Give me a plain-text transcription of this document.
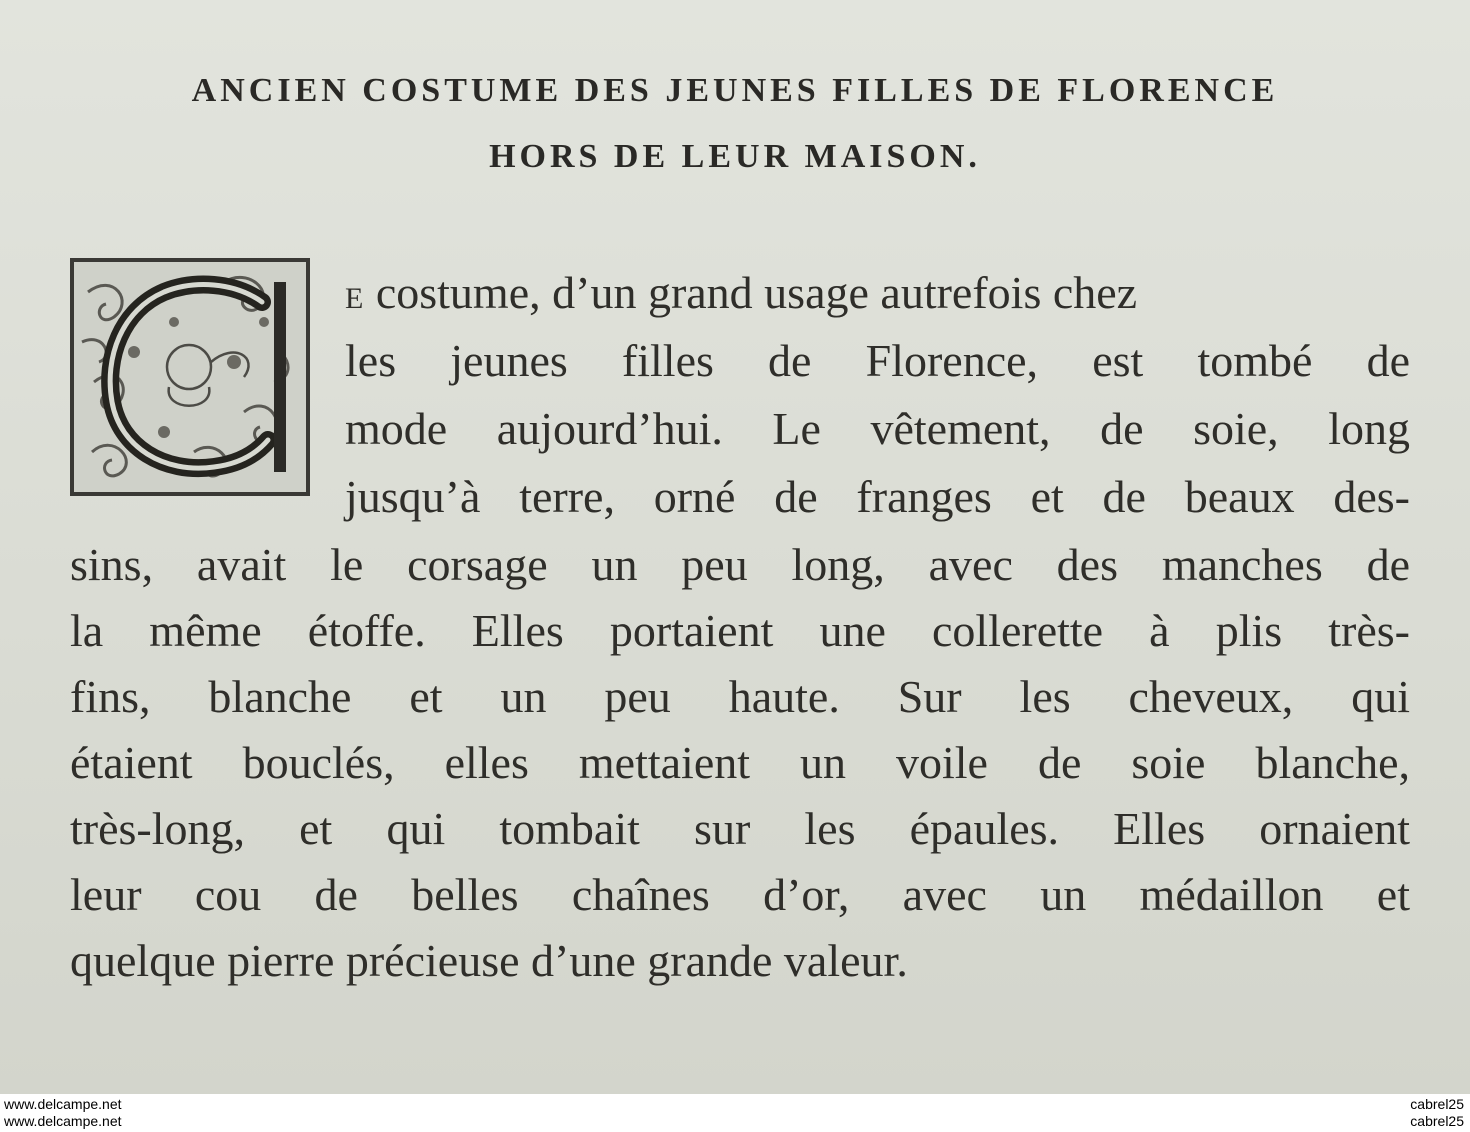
ANCIEN COSTUME DES JEUNES FILLES DE FLORENCE
HORS DE LEUR MAISON.
E costume, d’un grand usage autrefois chez
les jeunes filles de Florence, est tombé de
mode aujourd’hui. Le vêtement, de soie, long
jusqu’à terre, orné de franges et de beaux des-
sins, avait le corsage un peu long, avec des manches de
la même étoffe. Elles portaient une collerette à plis très-
fins, blanche et un peu haute. Sur les cheveux, qui
étaient bouclés, elles mettaient un voile de soie blanche,
très-long, et qui tombait sur les épaules. Elles ornaient
leur cou de belles chaînes d’or, avec un médaillon et
quelque pierre précieuse d’une grande valeur.
www.delcampe.net
www.delcampe.net
cabrel25
cabrel25
